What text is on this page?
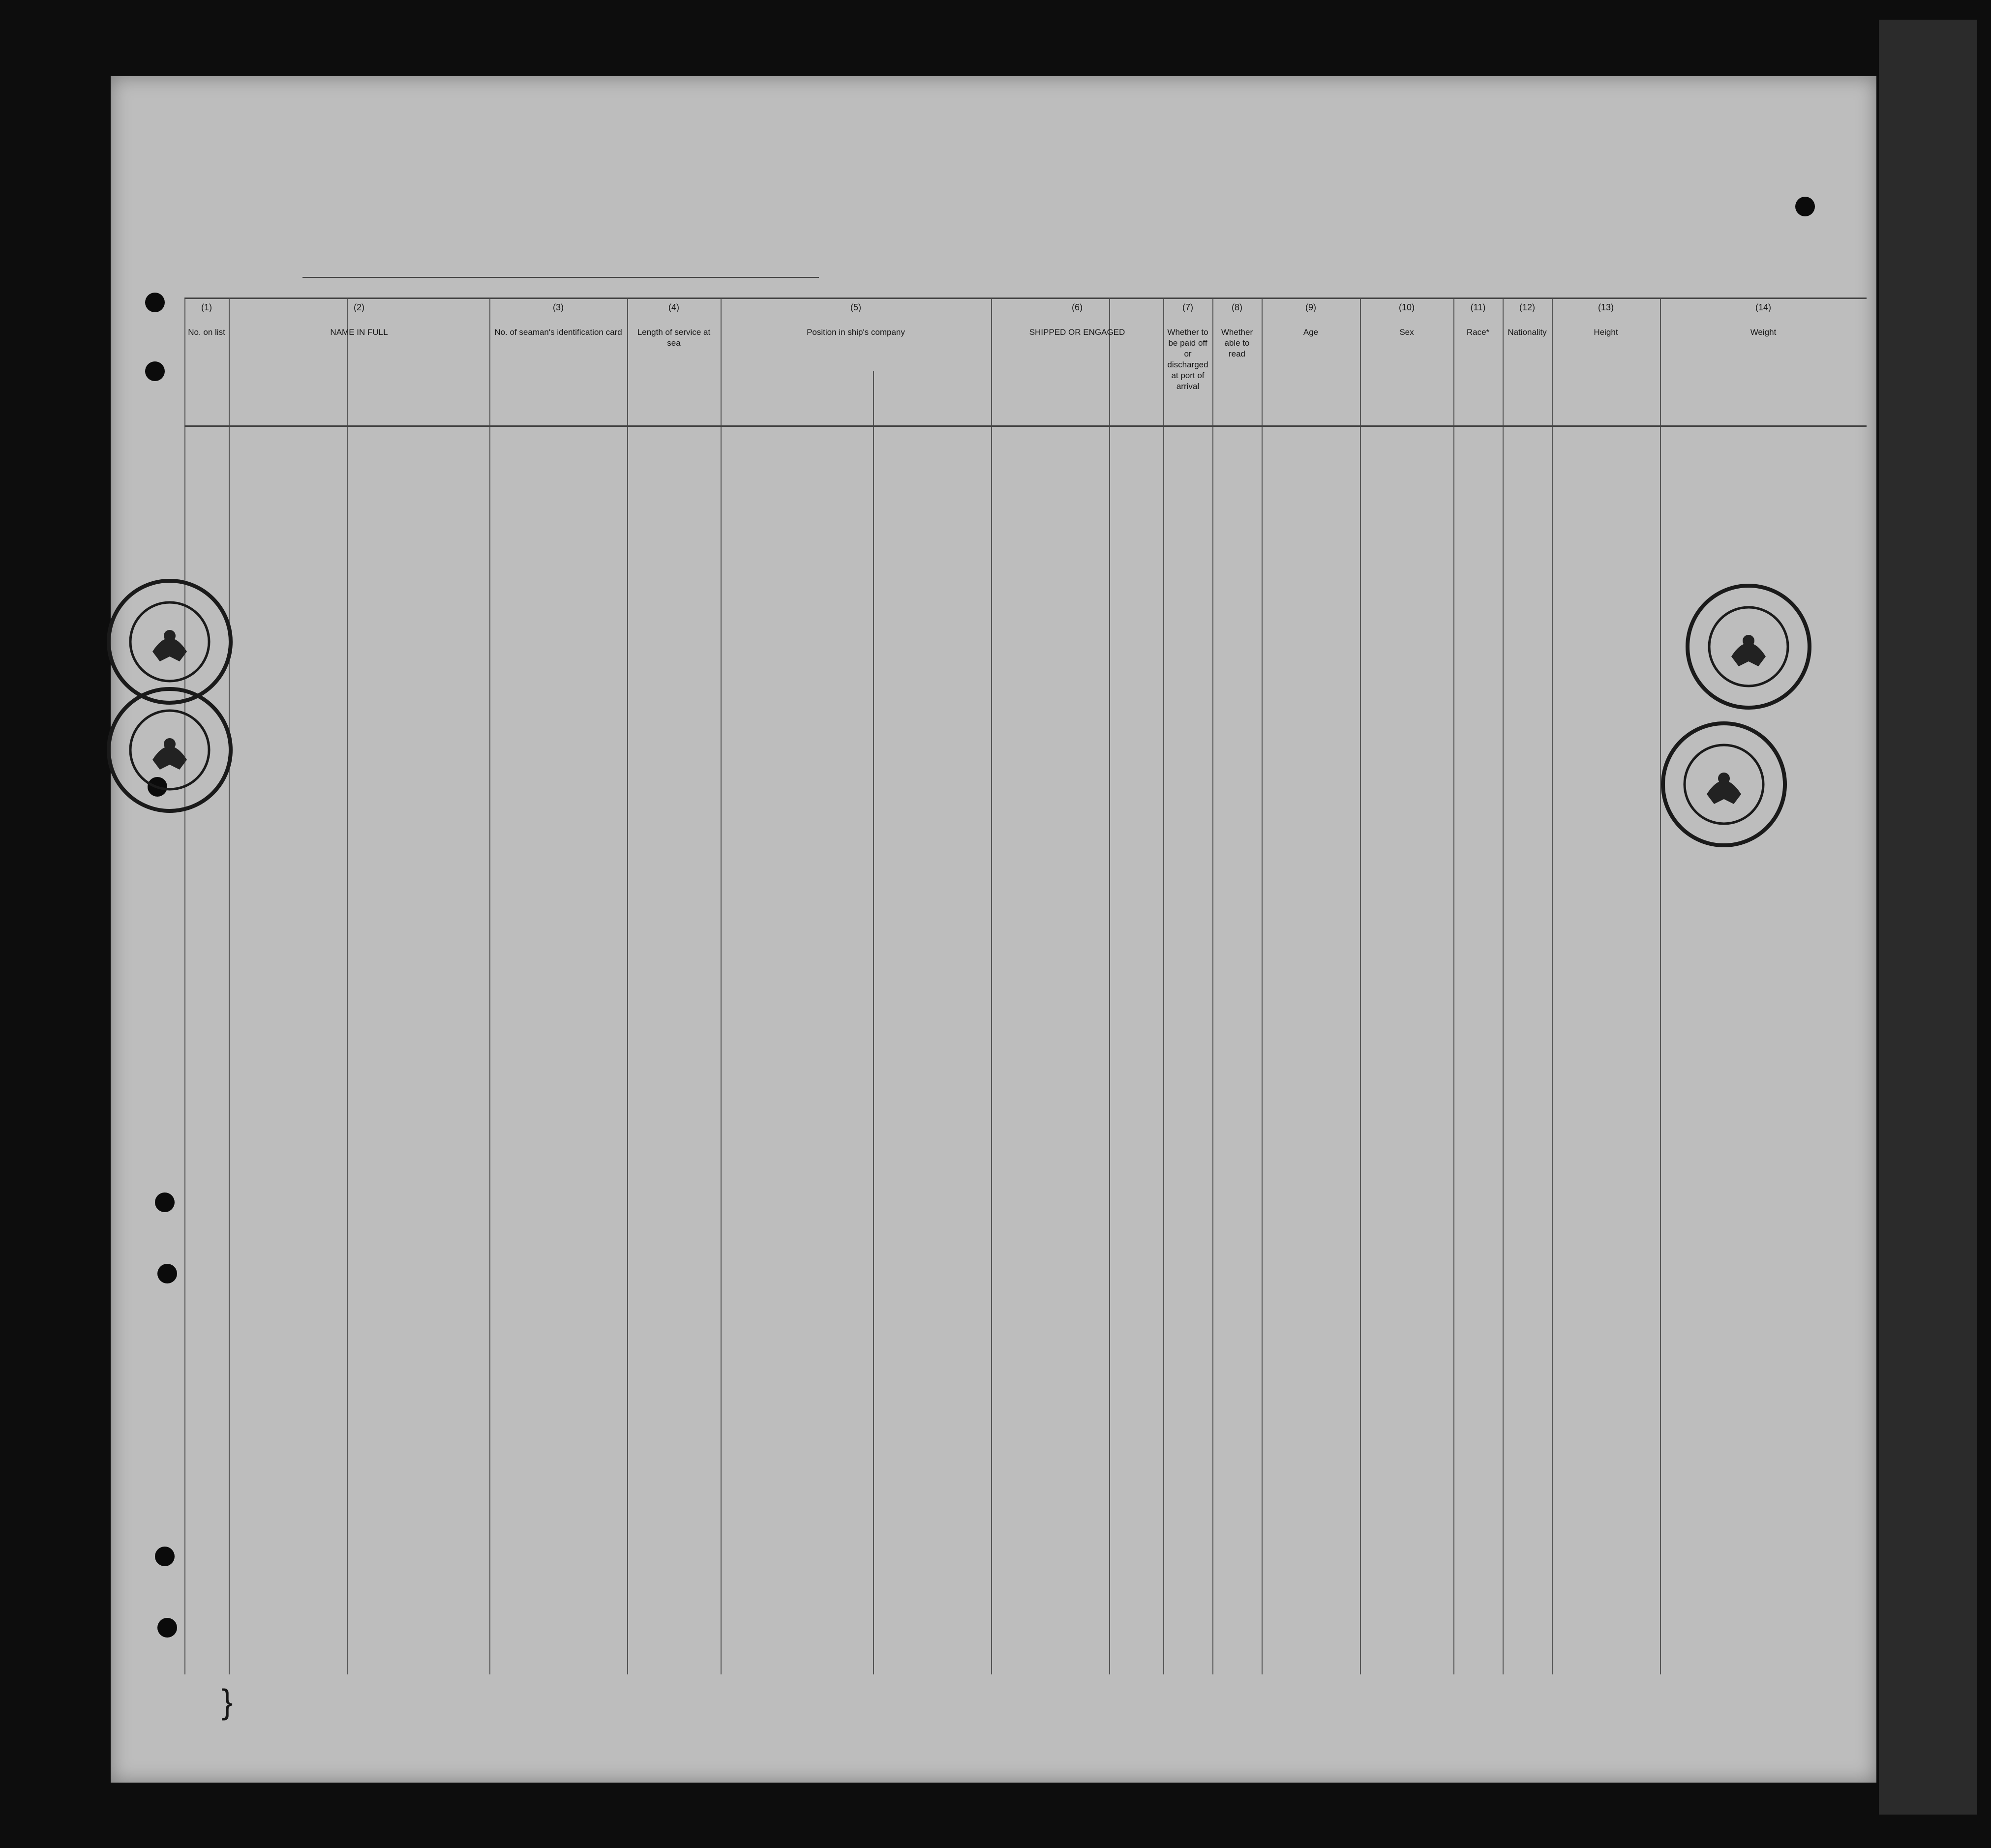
(1)
No. on list
(2)
NAME IN FULL
(3)
No. of seaman's identification card
(4)
Length of service at sea
(5)
Position in ship's company
(6)
SHIPPED OR ENGAGED
(7)
Whether to be paid off or discharged at port of arrival
(8)
Whether able to read
(9)
Age
(10)
Sex
(11)
Race*
(12)
Nationality
(13)
Height
(14)
Weight
}
